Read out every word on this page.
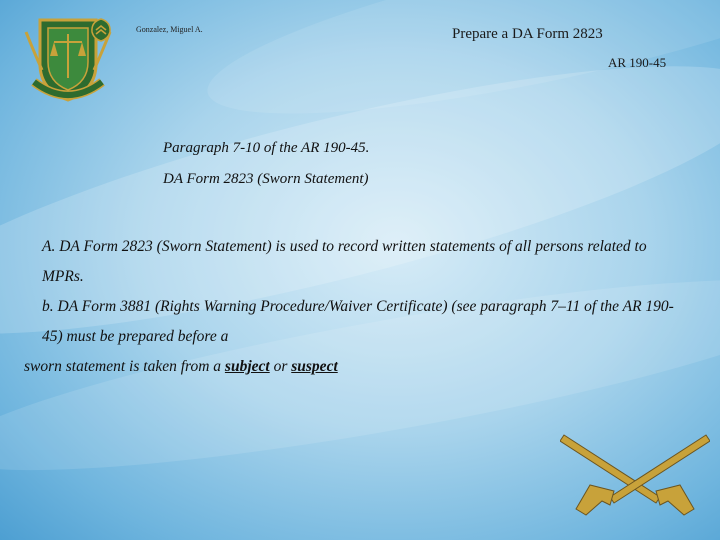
Gonzalez, Miguel A.	Prepare a DA Form 2823
AR 190-45
Paragraph 7-10 of the AR 190-45.
DA Form 2823 (Sworn Statement)

A. DA Form 2823 (Sworn Statement) is used to record written statements of all persons related to MPRs.

b. DA Form 3881 (Rights Warning Procedure/Waiver Certificate) (see paragraph 7–11 of the AR 190-45) must be prepared before a

sworn statement is taken from a subject or suspect
